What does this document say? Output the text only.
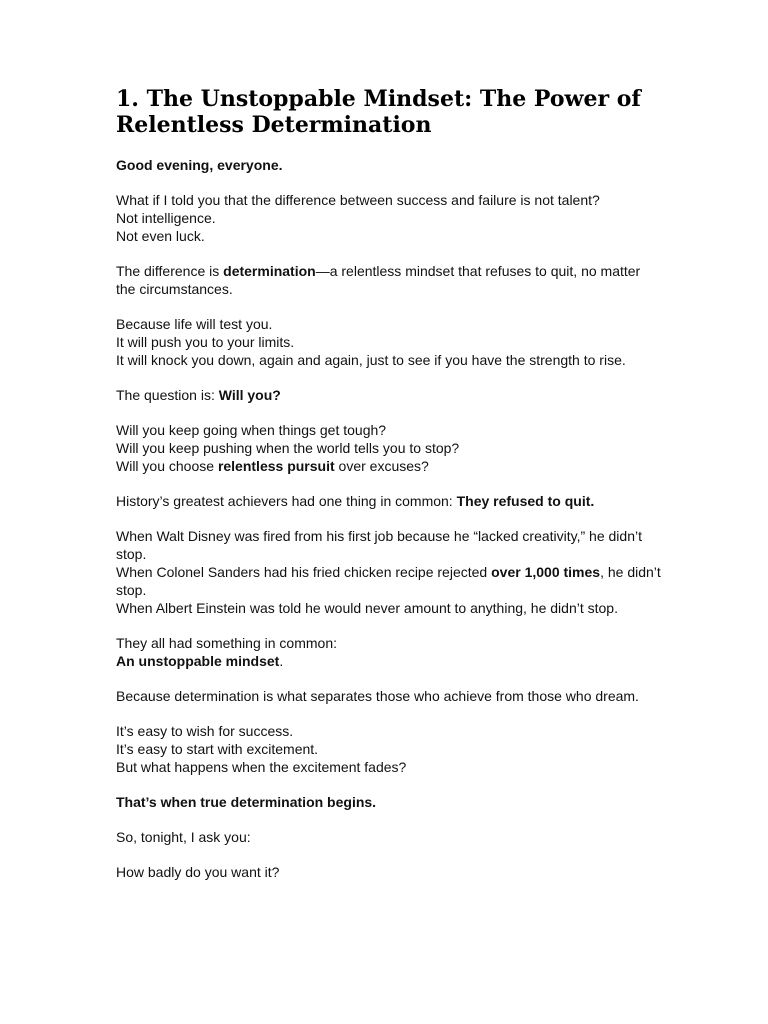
1. The Unstoppable Mindset: The Power of Relentless Determination
Good evening, everyone.
What if I told you that the difference between success and failure is not talent?
Not intelligence.
Not even luck.
The difference is determination—a relentless mindset that refuses to quit, no matter the circumstances.
Because life will test you.
It will push you to your limits.
It will knock you down, again and again, just to see if you have the strength to rise.
The question is: Will you?
Will you keep going when things get tough?
Will you keep pushing when the world tells you to stop?
Will you choose relentless pursuit over excuses?
History’s greatest achievers had one thing in common: They refused to quit.
When Walt Disney was fired from his first job because he “lacked creativity,” he didn’t stop.
When Colonel Sanders had his fried chicken recipe rejected over 1,000 times, he didn’t stop.
When Albert Einstein was told he would never amount to anything, he didn’t stop.
They all had something in common:
An unstoppable mindset.
Because determination is what separates those who achieve from those who dream.
It’s easy to wish for success.
It’s easy to start with excitement.
But what happens when the excitement fades?
That’s when true determination begins.
So, tonight, I ask you:
How badly do you want it?
